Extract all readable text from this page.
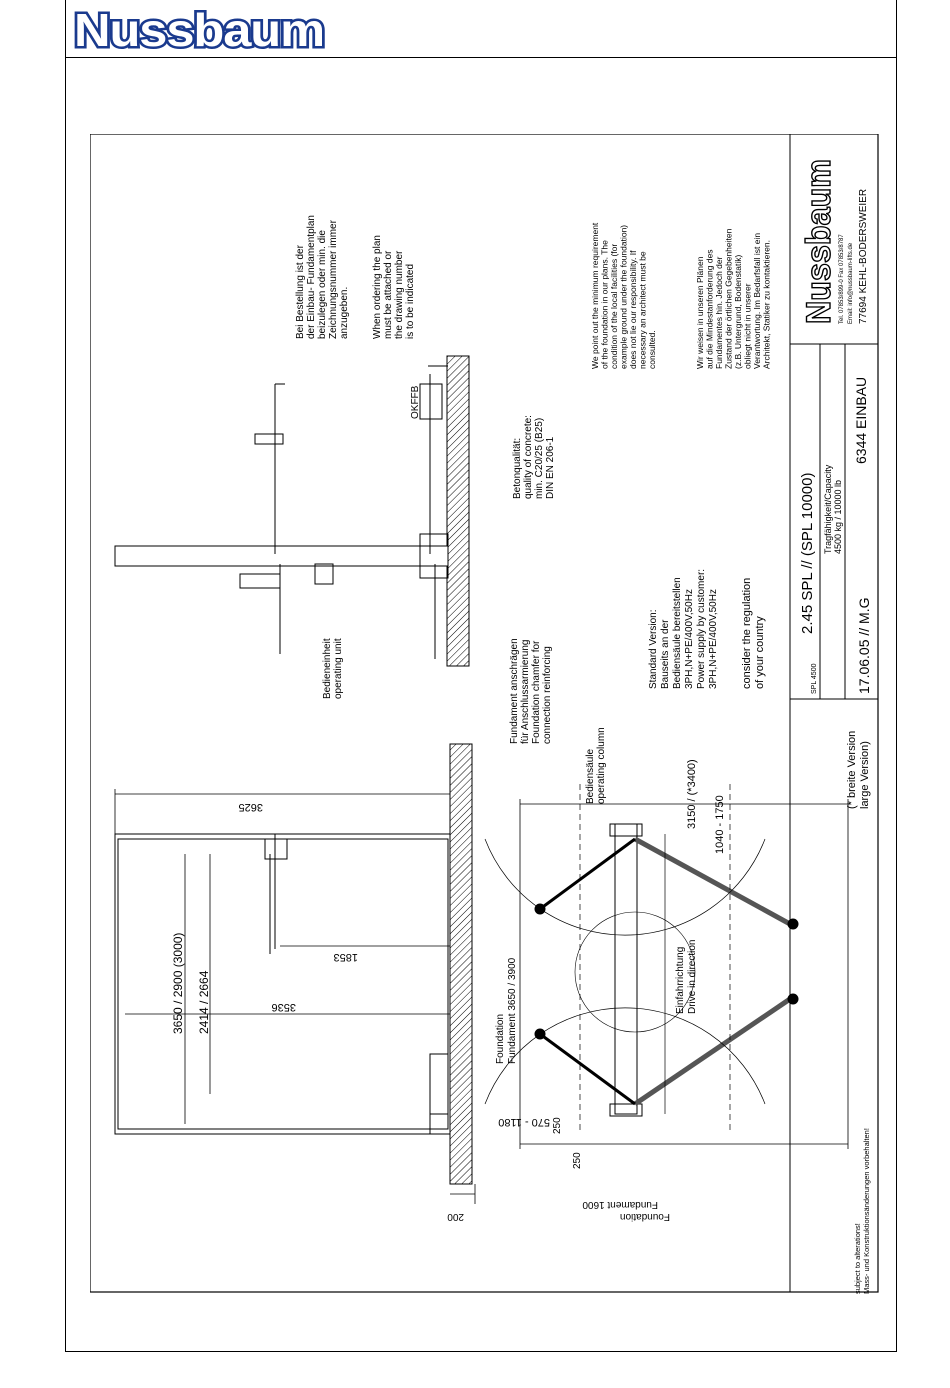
Nussbaum
Nussbaum Tel. 07853/899-0 Fax 07853/8787 Email: info@nussbaum-lifts.de 77694 KEHL-BODERSWEIER
2.45 SPL // (SPL 10000) Tragfähigkeit/Capacity 4500 kg / 10000 lb
6344 EINBAU
SPL 4500	17.06.05 // M.G
Bei Bestellung ist der der Einbau- Fundamentplan beizulegen oder min. die Zeichnungsnummer immer anzugeben. When ordering the plan must be attached or the drawing number is to be indicated	We point out the minimum requirement of the foundation in our plans. The condition of the local facilities (for example ground under the foundation) does not lie our responsibility. If necessary an architect must be consulted.	Wir weisen in unseren Plänen auf die Mindestanforderung des Fundamentes hin. Jedoch der Zustand der örtlichen Gegebenheiten (z.B. Untergrund, Bodenstatik) obliegt nicht in unserer Verantwortung. Im Bedarfsfall ist ein Architekt, Statiker zu kontaktieren.
Standard Version: Bauseits an der Bediensäule bereitstellen 3PH,N+PE/400V,50Hz Power supply by customer: 3PH,N+PE/400V,50Hz consider the regulation of your country
Betonqualität: quality of concrete: min. C20/25 (B25) DIN EN 206-1
Fundament anschrägen für Anschlussarmierung Foundation chamfer for connection reinforcing
Bedieneinheit operating unit
Bediensäule operating column
Einfahrrichtung Drive in direction
(* breite Version large Version)
subject to alterations! Mass- und Konstruktionsänderungen vorbehalten!
Foundation Fundament 3650 / 3900
Foundation
Fundament 1600
OKFFB
3625
3536
1853
3650 / 2900 (3000) 2414 / 2664
200
3150 / (*3400) 1040 - 1750
570 - 1180 250
250
